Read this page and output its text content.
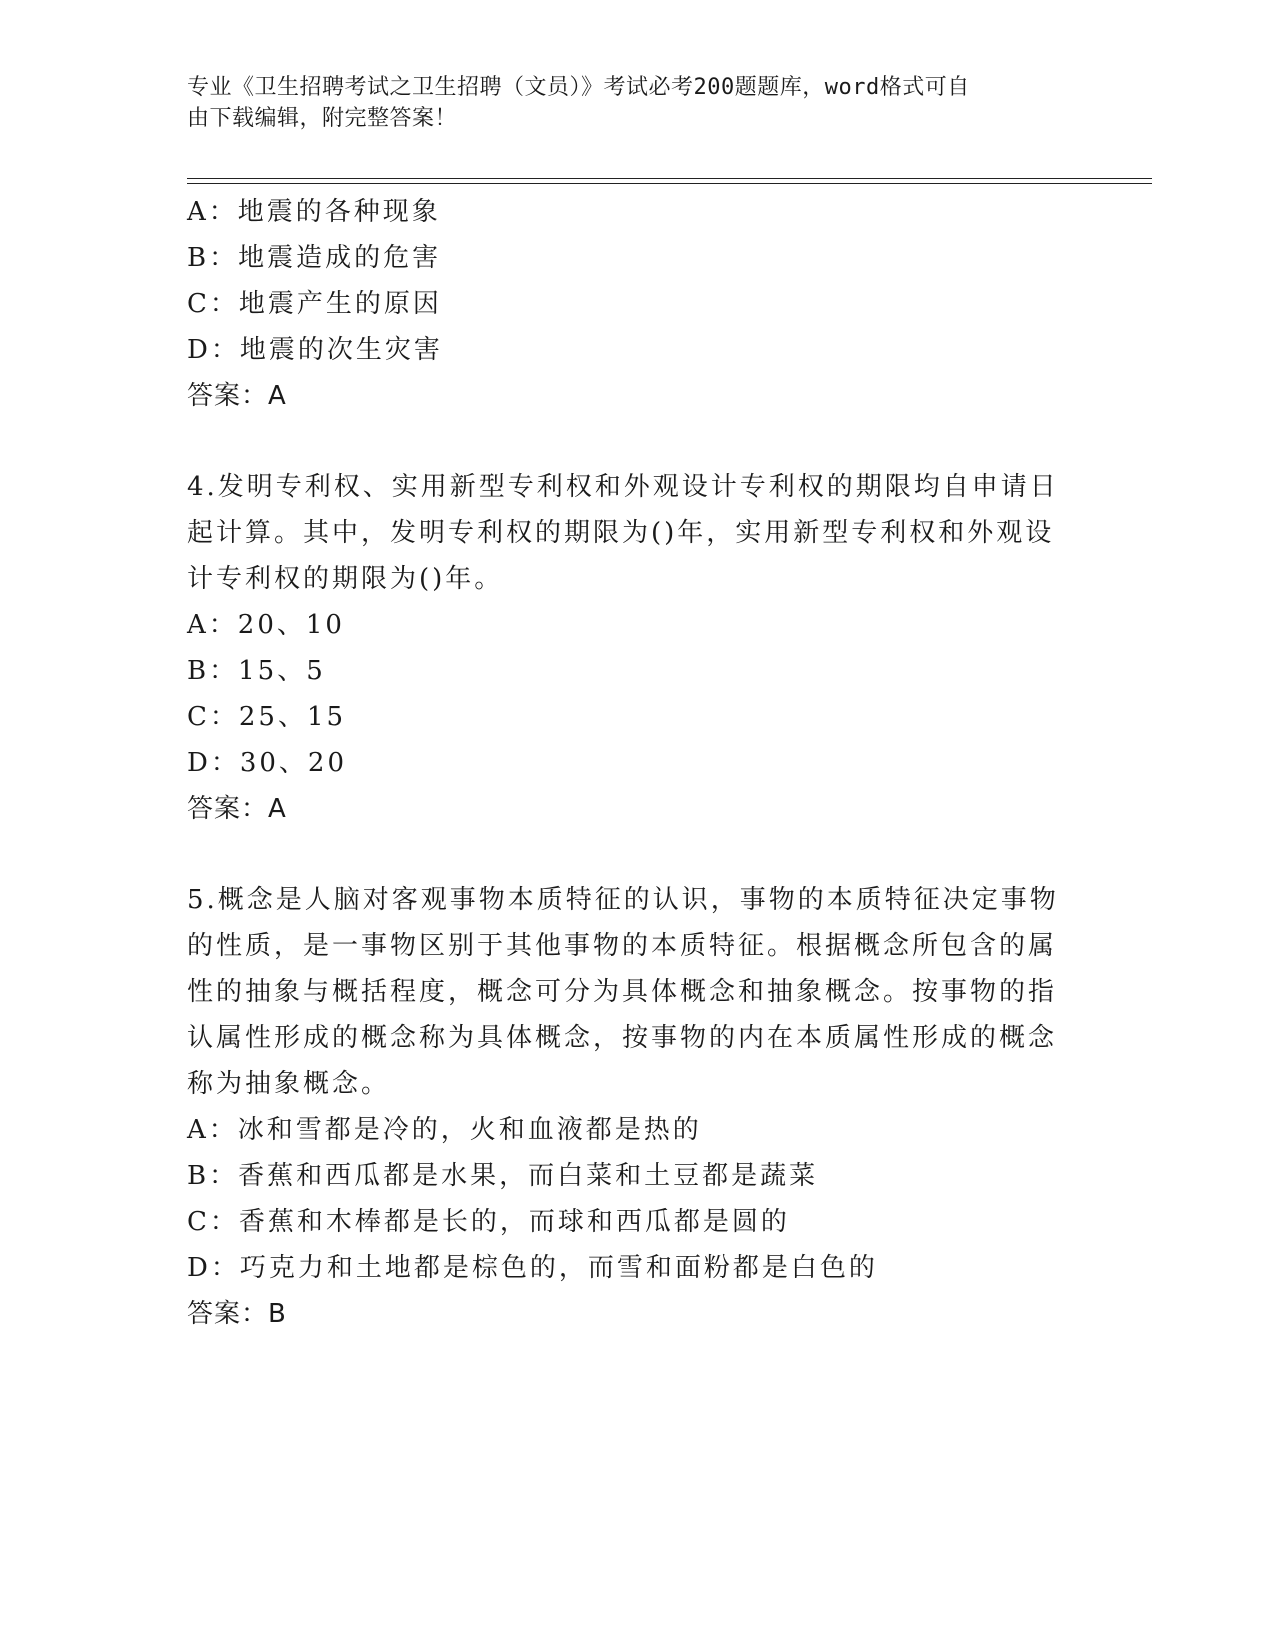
专业《卫生招聘考试之卫生招聘（文员）》考试必考200题题库，word格式可自
由下载编辑，附完整答案！
A：地震的各种现象
B：地震造成的危害
C：地震产生的原因
D：地震的次生灾害
答案：A
4.发明专利权、实用新型专利权和外观设计专利权的期限均自申请日
起计算。其中，发明专利权的期限为()年，实用新型专利权和外观设
计专利权的期限为()年。
A：20、10
B：15、5
C：25、15
D：30、20
答案：A
5.概念是人脑对客观事物本质特征的认识，事物的本质特征决定事物
的性质，是一事物区别于其他事物的本质特征。根据概念所包含的属
性的抽象与概括程度，概念可分为具体概念和抽象概念。按事物的指
认属性形成的概念称为具体概念，按事物的内在本质属性形成的概念
称为抽象概念。
A：冰和雪都是冷的，火和血液都是热的
B：香蕉和西瓜都是水果，而白菜和土豆都是蔬菜
C：香蕉和木棒都是长的，而球和西瓜都是圆的
D：巧克力和土地都是棕色的，而雪和面粉都是白色的
答案：B
